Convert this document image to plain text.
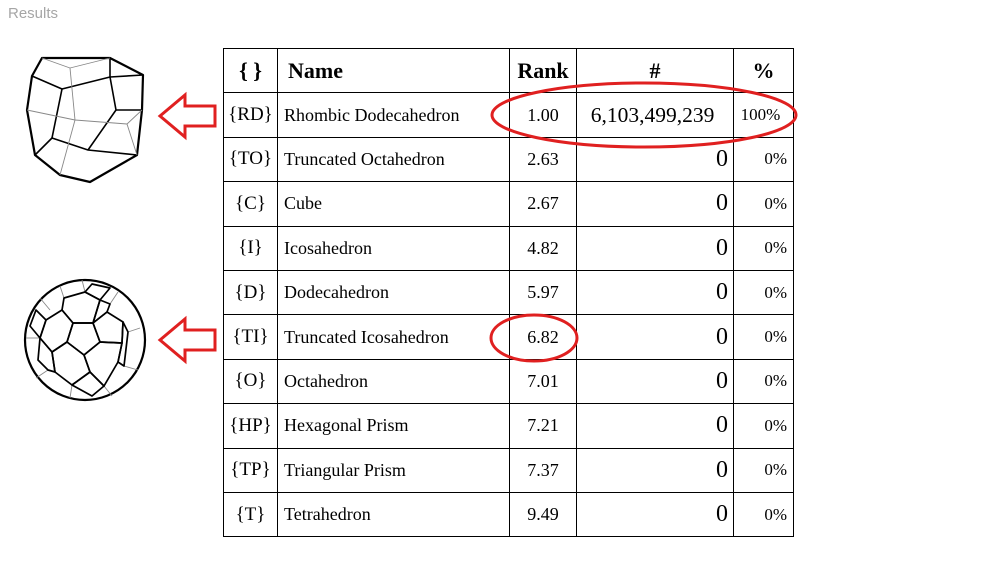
Results
{ }	Name	Rank	#	%
{RD}	Rhombic Dodecahedron	1.00	6,103,499,239	100%
{TO}	Truncated Octahedron	2.63	0	0%
{C}	Cube	2.67	0	0%
{I}	Icosahedron	4.82	0	0%
{D}	Dodecahedron	5.97	0	0%
{TI}	Truncated Icosahedron	6.82	0	0%
{O}	Octahedron	7.01	0	0%
{HP}	Hexagonal Prism	7.21	0	0%
{TP}	Triangular Prism	7.37	0	0%
{T}	Tetrahedron	9.49	0	0%
